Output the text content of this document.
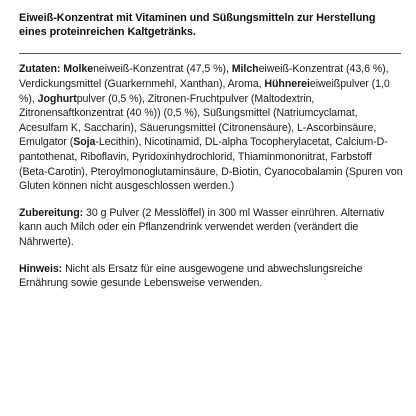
Eiweiß-Konzentrat mit Vitaminen und Süßungsmitteln zur Herstellung
eines proteinreichen Kaltgetränks.

Zutaten: Molkeneiweiß-Konzentrat (47,5 %), Milcheiweiß-Konzentrat (43,6 %), Verdickungsmittel (Guarkernmehl, Xanthan), Aroma, Hühnereieiweißpulver (1,0 %), Joghurtpulver (0,5 %), Zitronen-Fruchtpulver (Maltodextrin, Zitronensaftkonzentrat (40 %)) (0,5 %), Süßungsmittel (Natriumcyclamat, Acesulfam K, Saccharin), Säuerungsmittel (Citronensäure), L-Ascorbinsäure, Emulgator (Soja-Lecithin), Nicotinamid, DL-alpha Tocopherylacetat, Calcium-D-pantothenat, Riboflavin, Pyridoxinhydrochlorid, Thiaminmononitrat, Farbstoff (Beta-Carotin), Pteroylmonoglutaminsäure, D-Biotin, Cyanocobalamin (Spuren von Gluten können nicht ausgeschlossen werden.)

Zubereitung: 30 g Pulver (2 Messlöffel) in 300 ml Wasser einrühren. Alternativ kann auch Milch oder ein Pflanzendrink verwendet werden (verändert die Nährwerte).

Hinweis: Nicht als Ersatz für eine ausgewogene und abwechslungsreiche Ernährung sowie gesunde Lebensweise verwenden.
